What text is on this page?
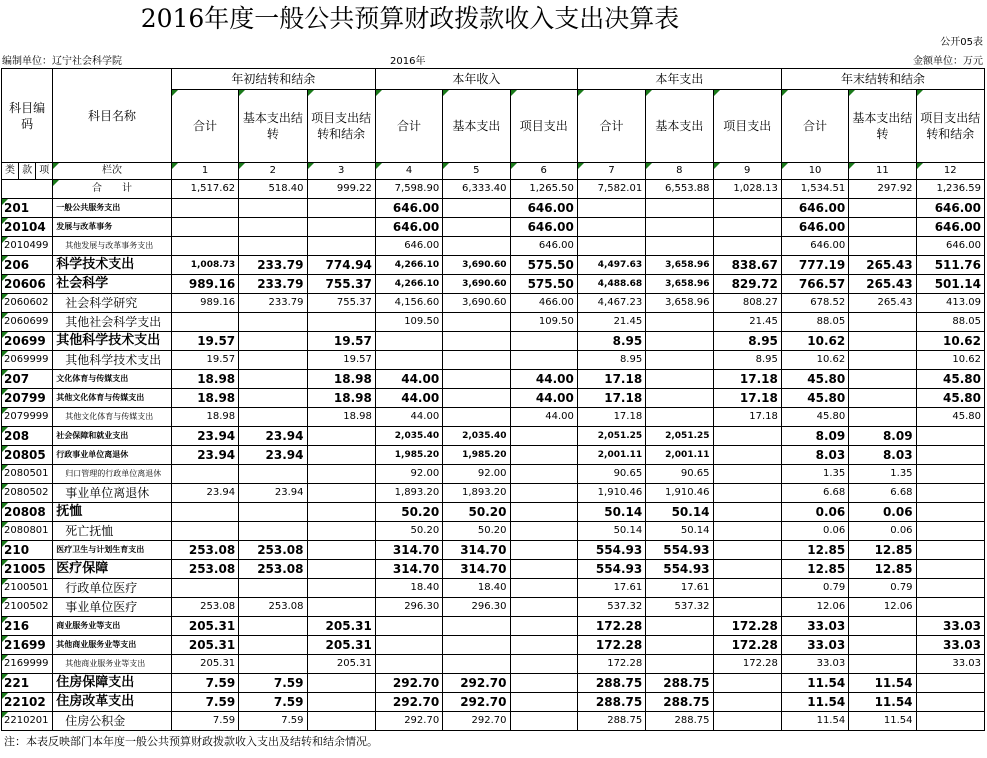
2016年度一般公共预算财政拨款收入支出决算表
公开05表
编制单位：辽宁社会科学院	2016年	金额单位：万元
科目编码			科目名称	年初结转和结余			本年收入			本年支出			年末结转和结余		
				合计	基本支出结转	项目支出结转和结余	合计	基本支出	项目支出	合计	基本支出	项目支出	合计	基本支出结转	项目支出结转和结余
类	款	项	栏次	1	2	3	4	5	6	7	8	9	10	11	12
			合　　计	1,517.62	518.40	999.22	7,598.90	6,333.40	1,265.50	7,582.01	6,553.88	1,028.13	1,534.51	297.92	1,236.59
201			一般公共服务支出				646.00		646.00				646.00		646.00
20104			发展与改革事务				646.00		646.00				646.00		646.00
2010499			其他发展与改革事务支出				646.00		646.00				646.00		646.00
206			科学技术支出	1,008.73	233.79	774.94	4,266.10	3,690.60	575.50	4,497.63	3,658.96	838.67	777.19	265.43	511.76
20606			社会科学	989.16	233.79	755.37	4,266.10	3,690.60	575.50	4,488.68	3,658.96	829.72	766.57	265.43	501.14
2060602			社会科学研究	989.16	233.79	755.37	4,156.60	3,690.60	466.00	4,467.23	3,658.96	808.27	678.52	265.43	413.09
2060699			其他社会科学支出				109.50		109.50	21.45		21.45	88.05		88.05
20699			其他科学技术支出	19.57		19.57				8.95		8.95	10.62		10.62
2069999			其他科学技术支出	19.57		19.57				8.95		8.95	10.62		10.62
207			文化体育与传媒支出	18.98		18.98	44.00		44.00	17.18		17.18	45.80		45.80
20799			其他文化体育与传媒支出	18.98		18.98	44.00		44.00	17.18		17.18	45.80		45.80
2079999			其他文化体育与传媒支出	18.98		18.98	44.00		44.00	17.18		17.18	45.80		45.80
208			社会保障和就业支出	23.94	23.94		2,035.40	2,035.40		2,051.25	2,051.25		8.09	8.09	
20805			行政事业单位离退休	23.94	23.94		1,985.20	1,985.20		2,001.11	2,001.11		8.03	8.03	
2080501			归口管理的行政单位离退休				92.00	92.00		90.65	90.65		1.35	1.35	
2080502			事业单位离退休	23.94	23.94		1,893.20	1,893.20		1,910.46	1,910.46		6.68	6.68	
20808			抚恤				50.20	50.20		50.14	50.14		0.06	0.06	
2080801			死亡抚恤				50.20	50.20		50.14	50.14		0.06	0.06	
210			医疗卫生与计划生育支出	253.08	253.08		314.70	314.70		554.93	554.93		12.85	12.85	
21005			医疗保障	253.08	253.08		314.70	314.70		554.93	554.93		12.85	12.85	
2100501			行政单位医疗				18.40	18.40		17.61	17.61		0.79	0.79	
2100502			事业单位医疗	253.08	253.08		296.30	296.30		537.32	537.32		12.06	12.06	
216			商业服务业等支出	205.31		205.31				172.28		172.28	33.03		33.03
21699			其他商业服务业等支出	205.31		205.31				172.28		172.28	33.03		33.03
2169999			其他商业服务业等支出	205.31		205.31				172.28		172.28	33.03		33.03
221			住房保障支出	7.59	7.59		292.70	292.70		288.75	288.75		11.54	11.54	
22102			住房改革支出	7.59	7.59		292.70	292.70		288.75	288.75		11.54	11.54	
2210201			住房公积金	7.59	7.59		292.70	292.70		288.75	288.75		11.54	11.54	
注：本表反映部门本年度一般公共预算财政拨款收入支出及结转和结余情况。
